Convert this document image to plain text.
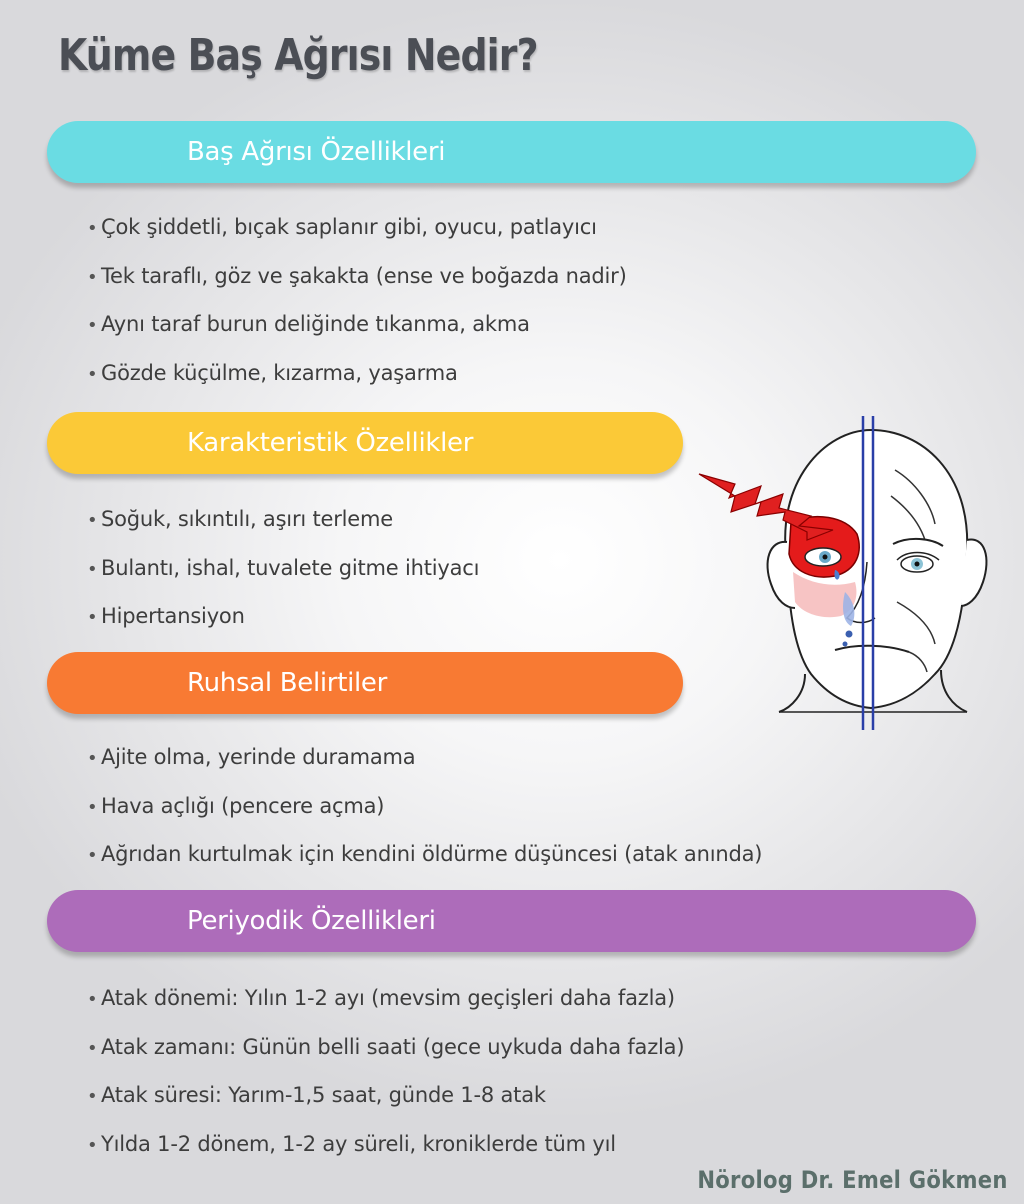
Küme Baş Ağrısı Nedir?
Baş Ağrısı Özellikleri
• Çok şiddetli, bıçak saplanır gibi, oyucu, patlayıcı
• Tek taraflı, göz ve şakakta (ense ve boğazda nadir)
• Aynı taraf burun deliğinde tıkanma, akma
• Gözde küçülme, kızarma, yaşarma
Karakteristik Özellikler
• Soğuk, sıkıntılı, aşırı terleme
• Bulantı, ishal, tuvalete gitme ihtiyacı
• Hipertansiyon
Ruhsal Belirtiler
• Ajite olma, yerinde duramama
• Hava açlığı (pencere açma)
• Ağrıdan kurtulmak için kendini öldürme düşüncesi (atak anında)
Periyodik Özellikleri
• Atak dönemi: Yılın 1-2 ayı (mevsim geçişleri daha fazla)
• Atak zamanı: Günün belli saati (gece uykuda daha fazla)
• Atak süresi: Yarım-1,5 saat, günde 1-8 atak
• Yılda 1-2 dönem, 1-2 ay süreli, kroniklerde tüm yıl
Nörolog Dr. Emel Gökmen
